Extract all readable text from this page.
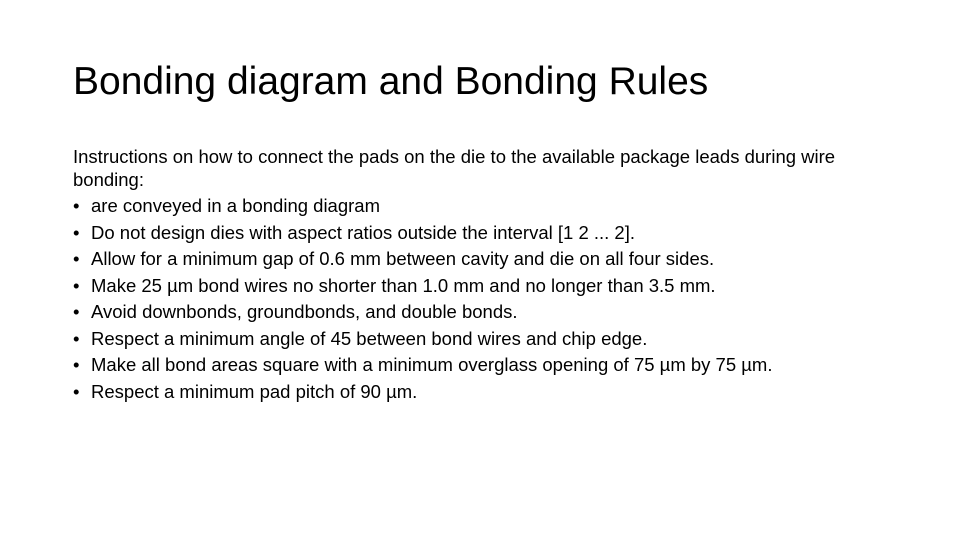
Bonding diagram and Bonding Rules

Instructions on how to connect the pads on the die to the available package leads during wire bonding:

• are conveyed in a bonding diagram
• Do not design dies with aspect ratios outside the interval [1 2 ... 2].
• Allow for a minimum gap of 0.6 mm between cavity and die on all four sides.
• Make 25 µm bond wires no shorter than 1.0 mm and no longer than 3.5 mm.
• Avoid downbonds, groundbonds, and double bonds.
• Respect a minimum angle of 45 between bond wires and chip edge.
• Make all bond areas square with a minimum overglass opening of 75 µm by 75 µm.
• Respect a minimum pad pitch of 90 µm.
